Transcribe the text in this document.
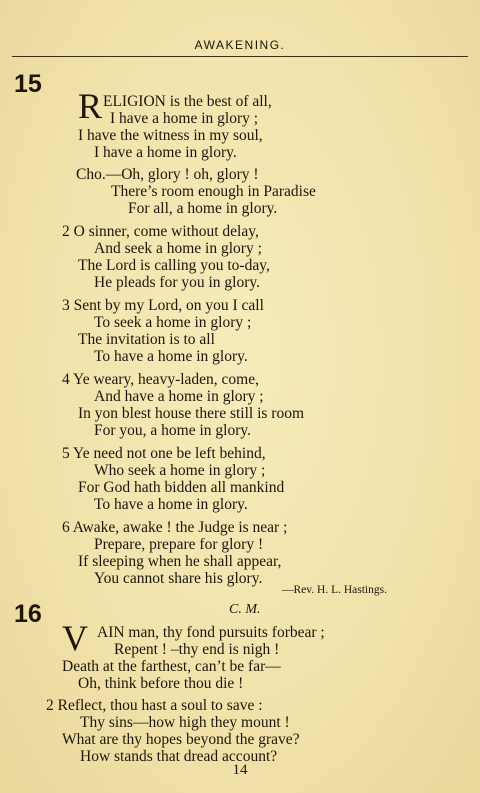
AWAKENING.
15
R ELIGION is the best of all,
I have a home in glory ;
I have the witness in my soul,
I have a home in glory.
Cho.—Oh, glory ! oh, glory !
There’s room enough in Paradise
For all, a home in glory.
2 O sinner, come without delay,
And seek a home in glory ;
The Lord is calling you to-day,
He pleads for you in glory.
3 Sent by my Lord, on you I call
To seek a home in glory ;
The invitation is to all
To have a home in glory.
4 Ye weary, heavy-laden, come,
And have a home in glory ;
In yon blest house there still is room
For you, a home in glory.
5 Ye need not one be left behind,
Who seek a home in glory ;
For God hath bidden all mankind
To have a home in glory.
6 Awake, awake ! the Judge is near ;
Prepare, prepare for glory !
If sleeping when he shall appear,
You cannot share his glory.
—Rev. H. L. Hastings.
16	C. M.
V AIN man, thy fond pursuits forbear ;
Repent ! –thy end is nigh !
Death at the farthest, can’t be far—
Oh, think before thou die !
2 Reflect, thou hast a soul to save :
Thy sins—how high they mount !
What are thy hopes beyond the grave?
How stands that dread account?
14
